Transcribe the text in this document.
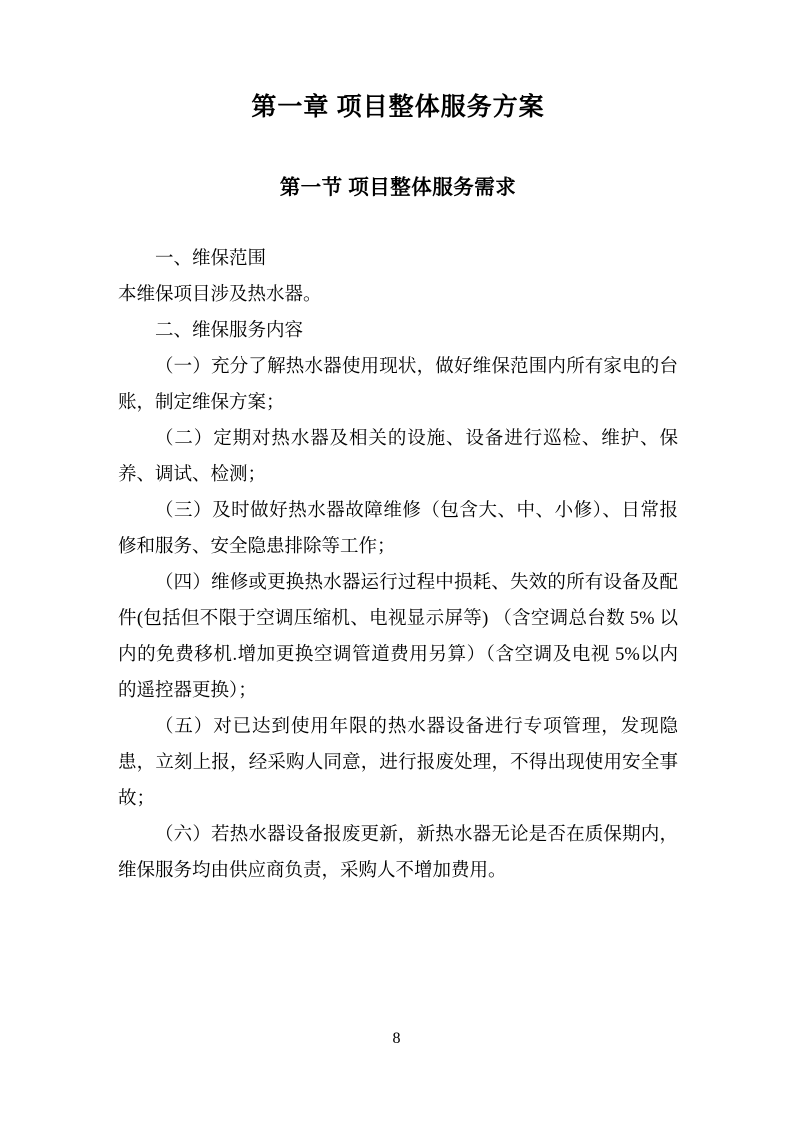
第一章 项目整体服务方案
第一节 项目整体服务需求

一、维保范围

本维保项目涉及热水器。

二、维保服务内容

（一）充分了解热水器使用现状，做好维保范围内所有家电的台账，制定维保方案；

（二）定期对热水器及相关的设施、设备进行巡检、维护、保养、调试、检测；

（三）及时做好热水器故障维修（包含大、中、小修）、日常报修和服务、安全隐患排除等工作；

（四）维修或更换热水器运行过程中损耗、失效的所有设备及配件(包括但不限于空调压缩机、电视显示屏等) （含空调总台数 5% 以内的免费移机.增加更换空调管道费用另算）（含空调及电视 5%以内的遥控器更换）；

（五）对已达到使用年限的热水器设备进行专项管理，发现隐患，立刻上报，经采购人同意，进行报废处理，不得出现使用安全事故；

（六）若热水器设备报废更新，新热水器无论是否在质保期内，维保服务均由供应商负责，采购人不增加费用。

8
